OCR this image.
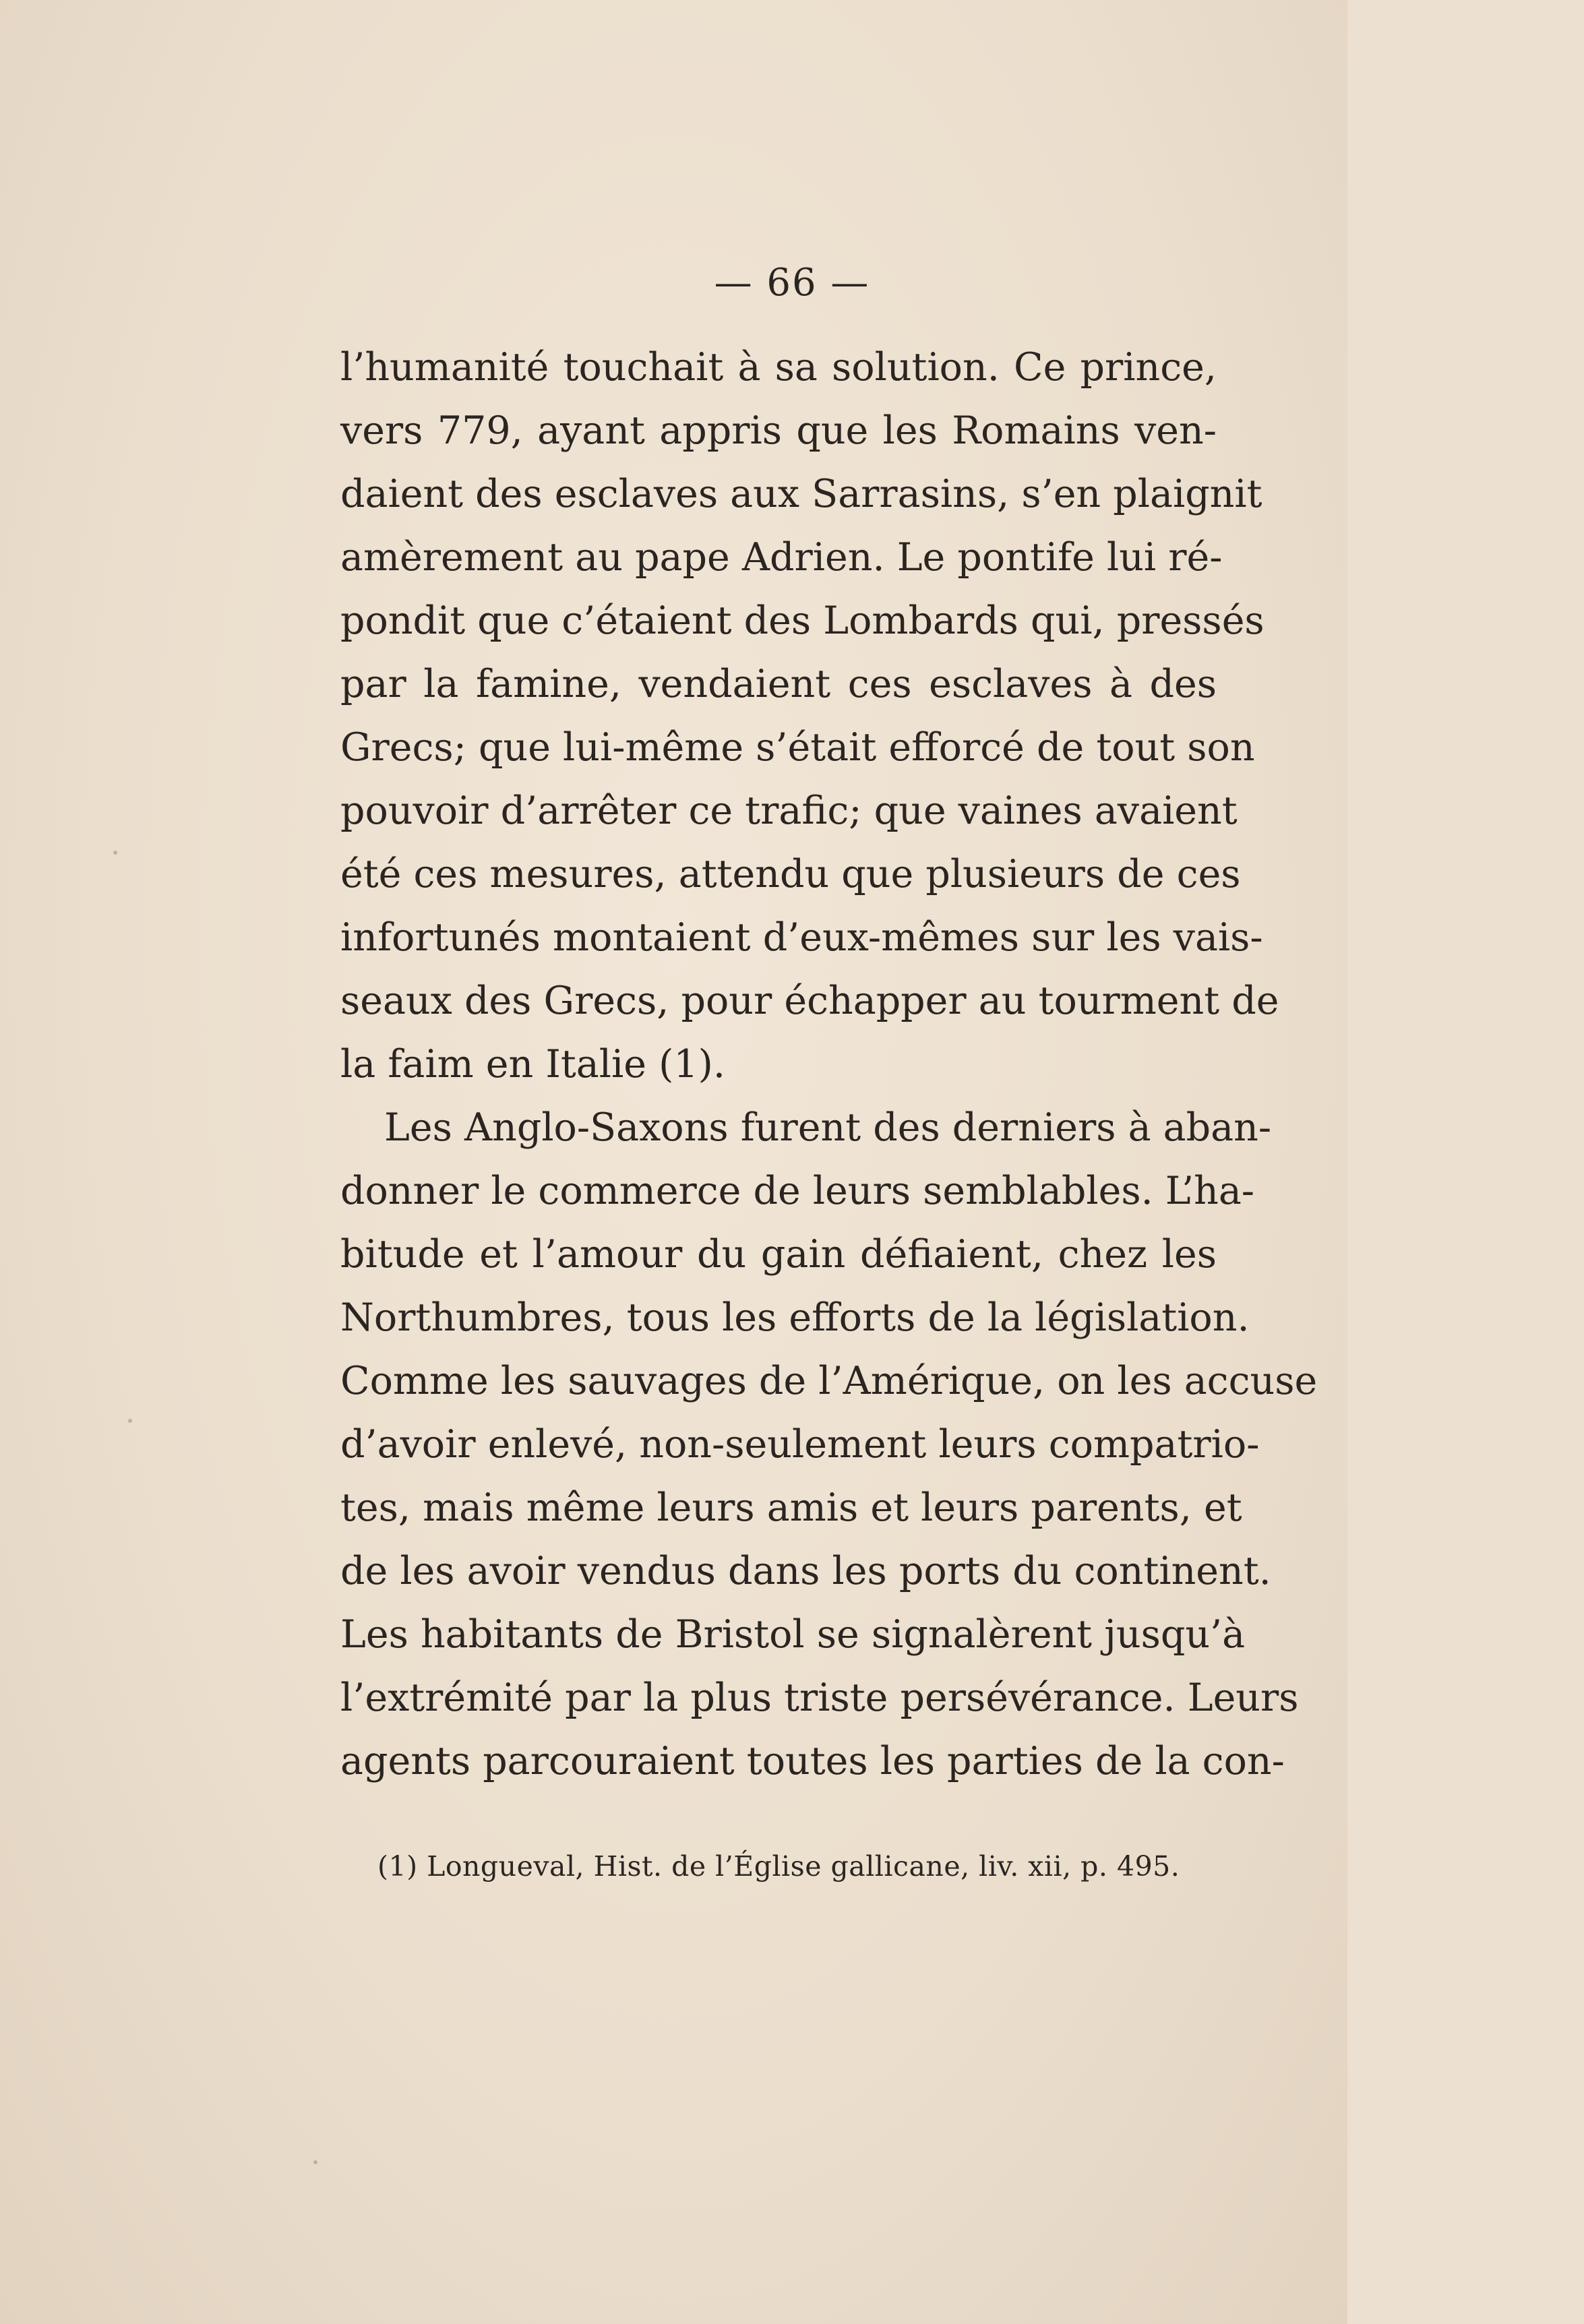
— 66 —
l’humanité touchait à sa solution. Ce prince,
vers 779, ayant appris que les Romains ven-
daient des esclaves aux Sarrasins, s’en plaignit
amèrement au pape Adrien. Le pontife lui ré-
pondit que c’étaient des Lombards qui, pressés
par la famine, vendaient ces esclaves à des
Grecs; que lui-même s’était efforcé de tout son
pouvoir d’arrêter ce trafic; que vaines avaient
été ces mesures, attendu que plusieurs de ces
infortunés montaient d’eux-mêmes sur les vais-
seaux des Grecs, pour échapper au tourment de
la faim en Italie (1).
Les Anglo-Saxons furent des derniers à aban-
donner le commerce de leurs semblables. L’ha-
bitude et l’amour du gain défiaient, chez les
Northumbres, tous les efforts de la législation.
Comme les sauvages de l’Amérique, on les accuse
d’avoir enlevé, non-seulement leurs compatrio-
tes, mais même leurs amis et leurs parents, et
de les avoir vendus dans les ports du continent.
Les habitants de Bristol se signalèrent jusqu’à
l’extrémité par la plus triste persévérance. Leurs
agents parcouraient toutes les parties de la con-
(1) Longueval, Hist. de l’Église gallicane, liv. xii, p. 495.
